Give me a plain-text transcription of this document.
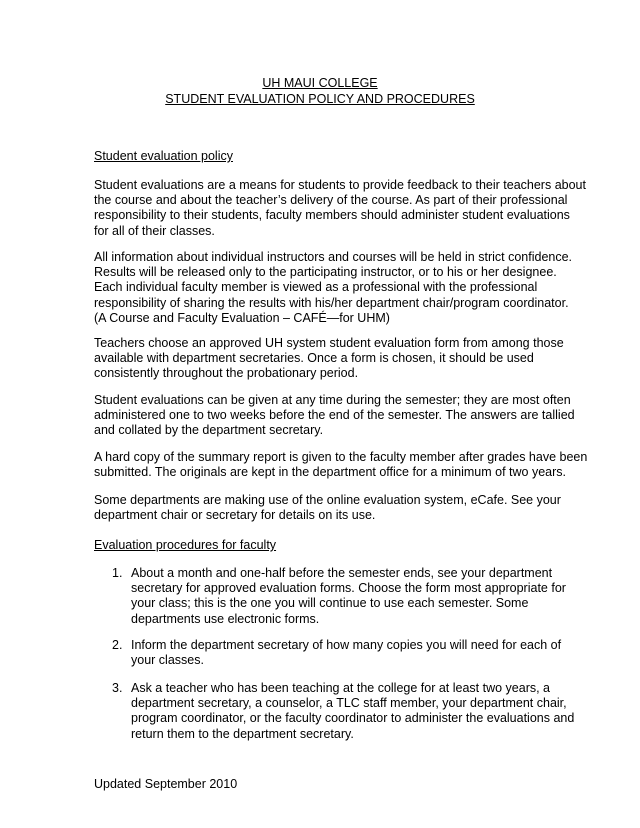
UH MAUI COLLEGE
STUDENT EVALUATION POLICY AND PROCEDURES
Student evaluation policy
Student evaluations are a means for students to provide feedback to their teachers about
the course and about the teacher’s delivery of the course. As part of their professional
responsibility to their students, faculty members should administer student evaluations
for all of their classes.
All information about individual instructors and courses will be held in strict confidence.
Results will be released only to the participating instructor, or to his or her designee.
Each individual faculty member is viewed as a professional with the professional
responsibility of sharing the results with his/her department chair/program coordinator.
(A Course and Faculty Evaluation – CAFÉ—for UHM)
Teachers choose an approved UH system student evaluation form from among those
available with department secretaries. Once a form is chosen, it should be used
consistently throughout the probationary period.
Student evaluations can be given at any time during the semester; they are most often
administered one to two weeks before the end of the semester. The answers are tallied
and collated by the department secretary.
A hard copy of the summary report is given to the faculty member after grades have been
submitted. The originals are kept in the department office for a minimum of two years.
Some departments are making use of the online evaluation system, eCafe. See your
department chair or secretary for details on its use.
Evaluation procedures for faculty
1. About a month and one-half before the semester ends, see your department
secretary for approved evaluation forms. Choose the form most appropriate for
your class; this is the one you will continue to use each semester. Some
departments use electronic forms.
2. Inform the department secretary of how many copies you will need for each of
your classes.
3. Ask a teacher who has been teaching at the college for at least two years, a
department secretary, a counselor, a TLC staff member, your department chair,
program coordinator, or the faculty coordinator to administer the evaluations and
return them to the department secretary.
Updated September 2010
